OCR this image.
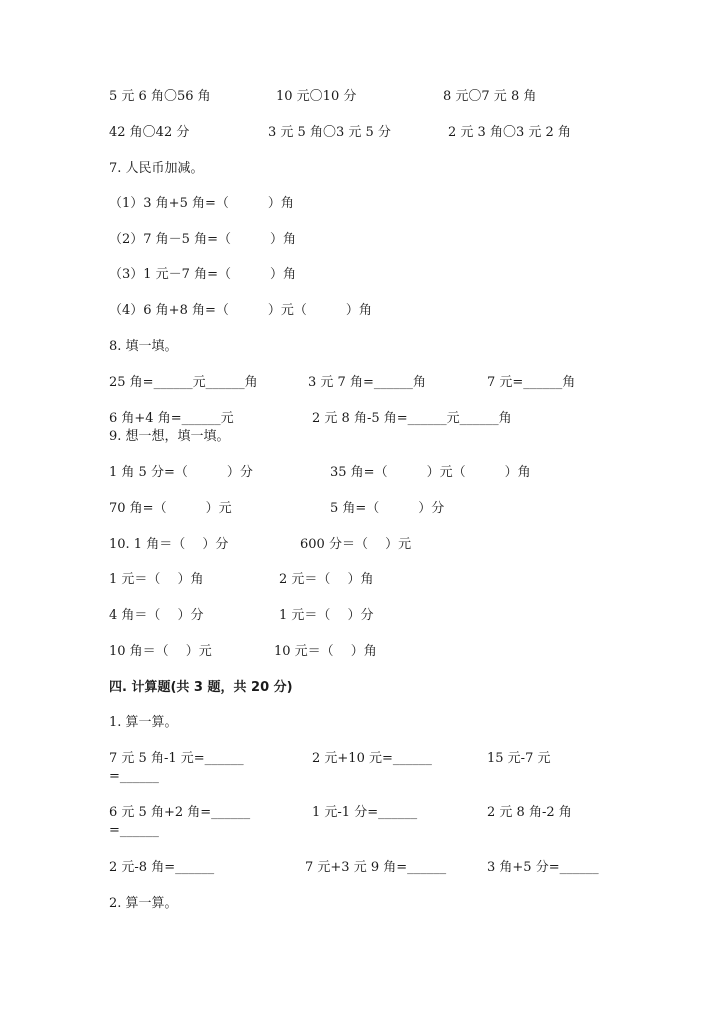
5 元 6 角〇56 角	10 元〇10 分	8 元〇7 元 8 角
42 角〇42 分	3 元 5 角〇3 元 5 分	2 元 3 角〇3 元 2 角
7. 人民币加减。
（1）3 角+5 角=（　　　）角
（2）7 角－5 角=（　　　）角
（3）1 元－7 角=（　　　）角
（4）6 角+8 角=（　　　）元（　　　）角
8. 填一填。
25 角=______元______角	3 元 7 角=______角	7 元=______角
6 角+4 角=______元	2 元 8 角-5 角=______元______角
9. 想一想，填一填。
1 角 5 分=（　　　）分	35 角=（　　　）元（　　　）角
70 角=（　　　）元	5 角=（　　　）分
10. 1 角＝（　 ）分	600 分＝（　 ）元
1 元＝（　 ）角	2 元＝（　 ）角
4 角＝（　 ）分	1 元＝（　 ）分
10 角＝（　 ）元	10 元＝（　 ）角
四. 计算题(共 3 题，共 20 分)
1. 算一算。
7 元 5 角-1 元=______	2 元+10 元=______	15 元-7 元
=______
6 元 5 角+2 角=______	1 元-1 分=______	2 元 8 角-2 角
=______
2 元-8 角=______	7 元+3 元 9 角=______	3 角+5 分=______
2. 算一算。
